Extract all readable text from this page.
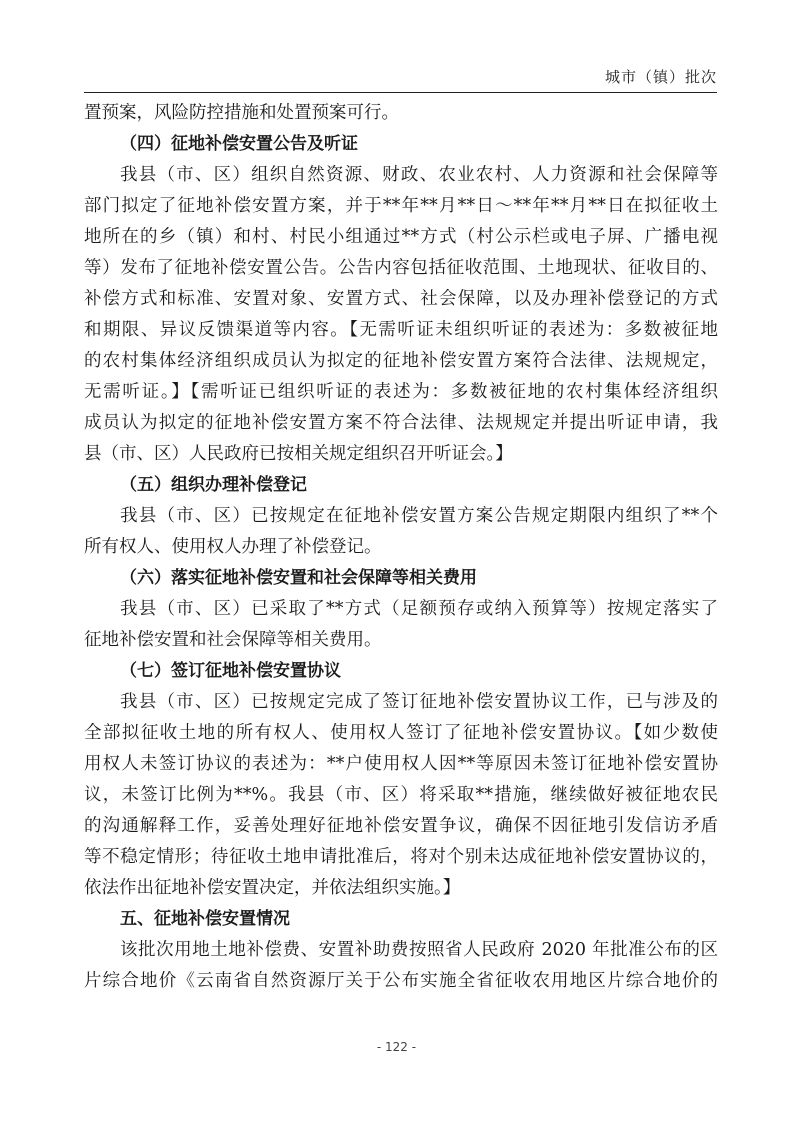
城市（镇）批次
置预案，风险防控措施和处置预案可行。
（四）征地补偿安置公告及听证
我县（市、区）组织自然资源、财政、农业农村、人力资源和社会保障等
部门拟定了征地补偿安置方案，并于**年**月**日～**年**月**日在拟征收土
地所在的乡（镇）和村、村民小组通过**方式（村公示栏或电子屏、广播电视
等）发布了征地补偿安置公告。公告内容包括征收范围、土地现状、征收目的、
补偿方式和标准、安置对象、安置方式、社会保障，以及办理补偿登记的方式
和期限、异议反馈渠道等内容。【无需听证未组织听证的表述为：多数被征地
的农村集体经济组织成员认为拟定的征地补偿安置方案符合法律、法规规定，
无需听证。】【需听证已组织听证的表述为：多数被征地的农村集体经济组织
成员认为拟定的征地补偿安置方案不符合法律、法规规定并提出听证申请，我
县（市、区）人民政府已按相关规定组织召开听证会。】
（五）组织办理补偿登记
我县（市、区）已按规定在征地补偿安置方案公告规定期限内组织了**个
所有权人、使用权人办理了补偿登记。
（六）落实征地补偿安置和社会保障等相关费用
我县（市、区）已采取了**方式（足额预存或纳入预算等）按规定落实了
征地补偿安置和社会保障等相关费用。
（七）签订征地补偿安置协议
我县（市、区）已按规定完成了签订征地补偿安置协议工作，已与涉及的
全部拟征收土地的所有权人、使用权人签订了征地补偿安置协议。【如少数使
用权人未签订协议的表述为：**户使用权人因**等原因未签订征地补偿安置协
议，未签订比例为**%。我县（市、区）将采取**措施，继续做好被征地农民
的沟通解释工作，妥善处理好征地补偿安置争议，确保不因征地引发信访矛盾
等不稳定情形；待征收土地申请批准后，将对个别未达成征地补偿安置协议的，
依法作出征地补偿安置决定，并依法组织实施。】
五、征地补偿安置情况
该批次用地土地补偿费、安置补助费按照省人民政府 2020 年批准公布的区
片综合地价《云南省自然资源厅关于公布实施全省征收农用地区片综合地价的
- 122 -
